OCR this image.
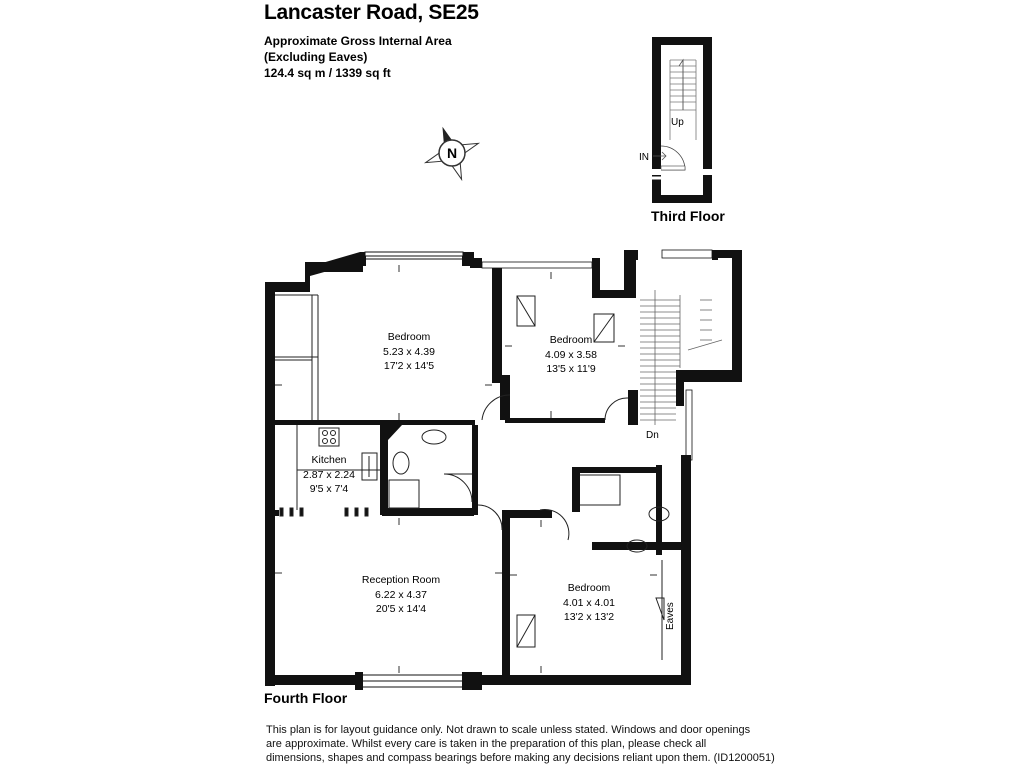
Lancaster Road, SE25
Approximate Gross Internal Area
(Excluding Eaves)
124.4 sq m / 1339 sq ft
N
Up
IN
Third Floor
Bedroom
5.23 x 4.39
17'2 x 14'5
Bedroom
4.09 x 3.58
13'5 x 11'9
Kitchen
2.87 x 2.24
9'5 x 7'4
Reception Room
6.22 x 4.37
20'5 x 14'4
Bedroom
4.01 x 4.01
13'2 x 13'2
Dn
Eaves
Fourth Floor
This plan is for layout guidance only. Not drawn to scale unless stated. Windows and door openings
are approximate. Whilst every care is taken in the preparation of this plan, please check all
dimensions, shapes and compass bearings before making any decisions reliant upon them. (ID1200051)
